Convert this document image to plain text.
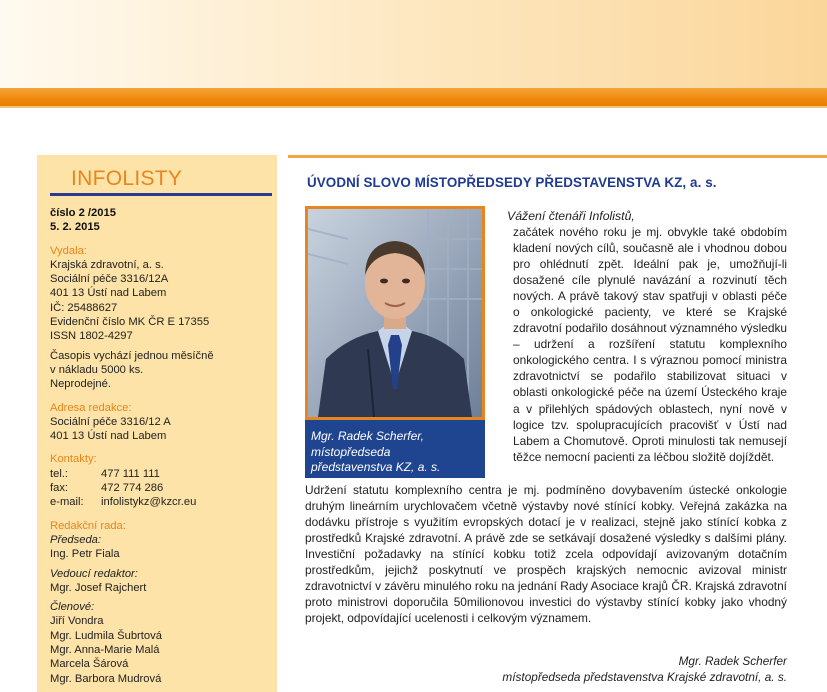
INFOLISTY
číslo 2 /2015
5. 2. 2015
Vydala:
Krajská zdravotní, a. s.
Sociální péče 3316/12A
401 13 Ústí nad Labem
IČ: 25488627
Evidenční číslo MK ČR E 17355
ISSN 1802-4297
Časopis vychází jednou měsíčně
v nákladu 5000 ks.
Neprodejné.
Adresa redakce:
Sociální péče 3316/12 A
401 13 Ústí nad Labem
Kontakty:
tel.:	477 111 111
fax:	472 774 286
e-mail:	infolistykz@kzcr.eu
Redakční rada:
Předseda:
Ing. Petr Fiala
Vedoucí redaktor:
Mgr. Josef Rajchert
Členové:
Jiří Vondra
Mgr. Ludmila Šubrtová
Mgr. Anna-Marie Malá
Marcela Šárová
Mgr. Barbora Mudrová
ÚVODNÍ SLOVO MÍSTOPŘEDSEDY PŘEDSTAVENSTVA KZ, a. s.
Mgr. Radek Scherfer,
místopředseda
představenstva KZ, a. s.
Vážení čtenáři Infolistů,

začátek nového roku je mj. obvykle také obdobím kladení nových cílů, současně ale i vhodnou dobou pro ohlédnutí zpět. Ideální pak je, umožňují-li dosažené cíle plynulé navázání a rozvinutí těch nových. A právě takový stav spatřuji v oblasti péče o onkologické pacienty, ve které se Krajské zdravotní podařilo dosáhnout významného výsledku – udržení a rozšíření statutu komplexního onkologického centra. I s výraznou pomocí ministra zdravotnictví se podařilo stabilizovat situaci v oblasti onkologické péče na území Ústeckého kraje a v přilehlých spádových oblastech, nyní nově v logice tzv. spolupracujících pracovišť v Ústí nad Labem a Chomutově. Oproti minulosti tak nemusejí těžce nemocní pacienti za léčbou složitě dojíždět.

Udržení statutu komplexního centra je mj. podmíněno dovybavením ústecké onkologie druhým lineárním urychlovačem včetně výstavby nové stínící kobky. Veřejná zakázka na dodávku přístroje s využitím evropských dotací je v realizaci, stejně jako stínící kobka z prostředků Krajské zdravotní. A právě zde se setkávají dosažené výsledky s dalšími plány. Investiční požadavky na stínící kobku totiž zcela odpovídají avizovaným dotačním prostředkům, jejichž poskytnutí ve prospěch krajských nemocnic avizoval ministr zdravotnictví v závěru minulého roku na jednání Rady Asociace krajů ČR. Krajská zdravotní proto ministrovi doporučila 50milionovou investici do výstavby stínící kobky jako vhodný projekt, odpovídající ucelenosti i celkovým významem.

Mgr. Radek Scherfer
místopředseda představenstva Krajské zdravotní, a. s.
